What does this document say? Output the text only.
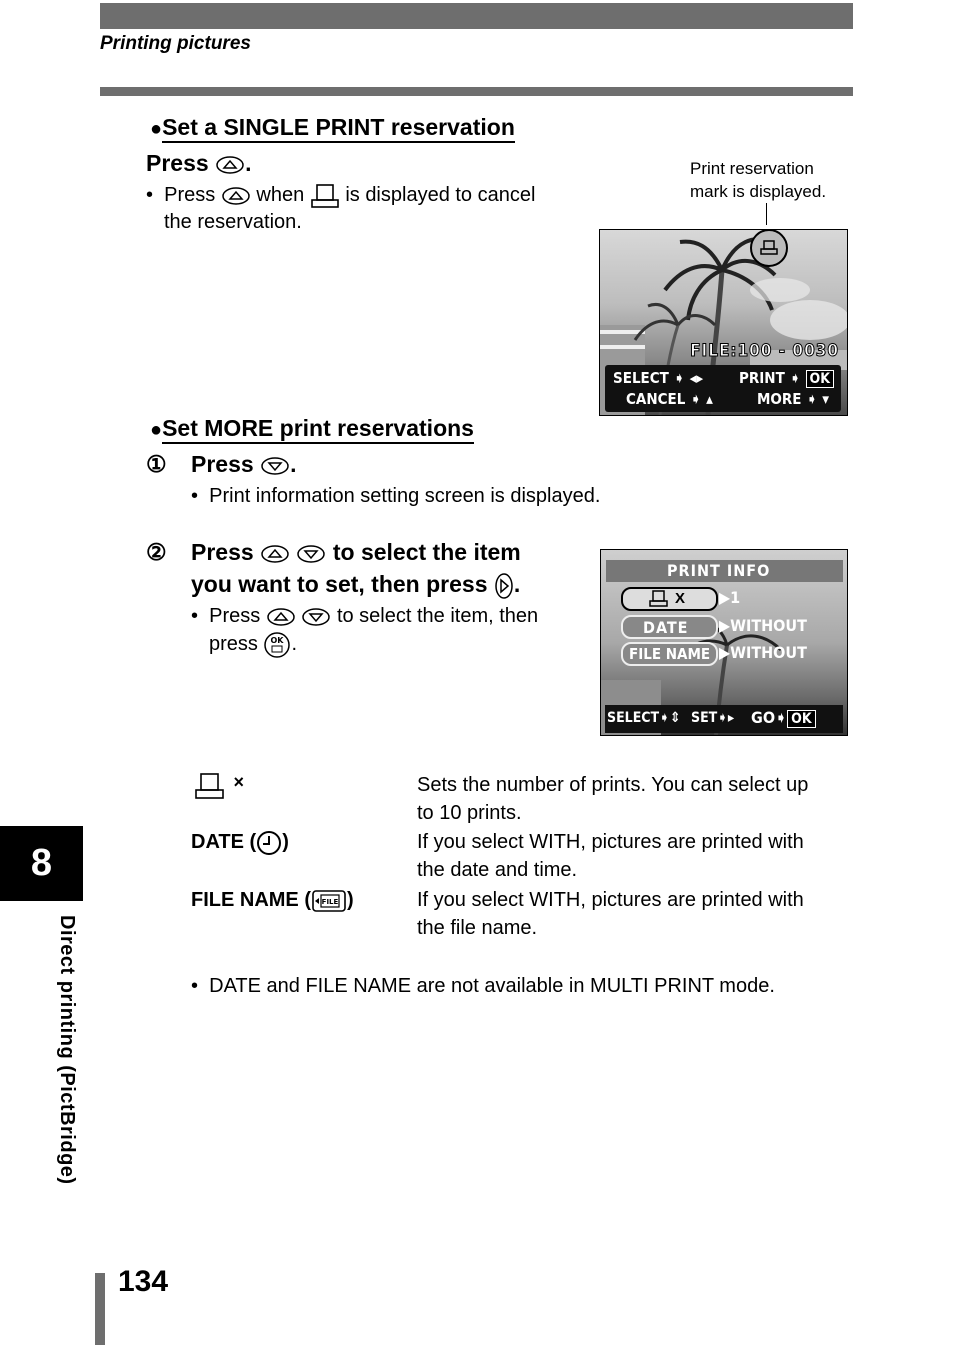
Printing pictures
●Set a SINGLE PRINT reservation
Press .
•  Press when is displayed to cancel
the reservation.
Print reservation
mark is displayed.
FILE:100 - 0030
SELECT ➧ ◂▸ PRINT ➧ OK
CANCEL ➧ ▴	MORE ➧ ▾
●Set MORE print reservations
① Press .
•  Print information setting screen is displayed.
② Press	to select the item
you want to set, then press .
•  Press	to select the item, then
press OK .
PRINT INFO
X ▶1
DATE ▶WITHOUT
FILE NAME ▶WITHOUT
SELECT➧⇕ SET➧▸ GO➧ OK
×	Sets the number of prints. You can select up
to 10 prints.
DATE ( )	If you select WITH, pictures are printed with
the date and time.
FILE NAME ( FILE )	If you select WITH, pictures are printed with
the file name.
•  DATE and FILE NAME are not available in MULTI PRINT mode.
8
Direct printing (PictBridge)
134
